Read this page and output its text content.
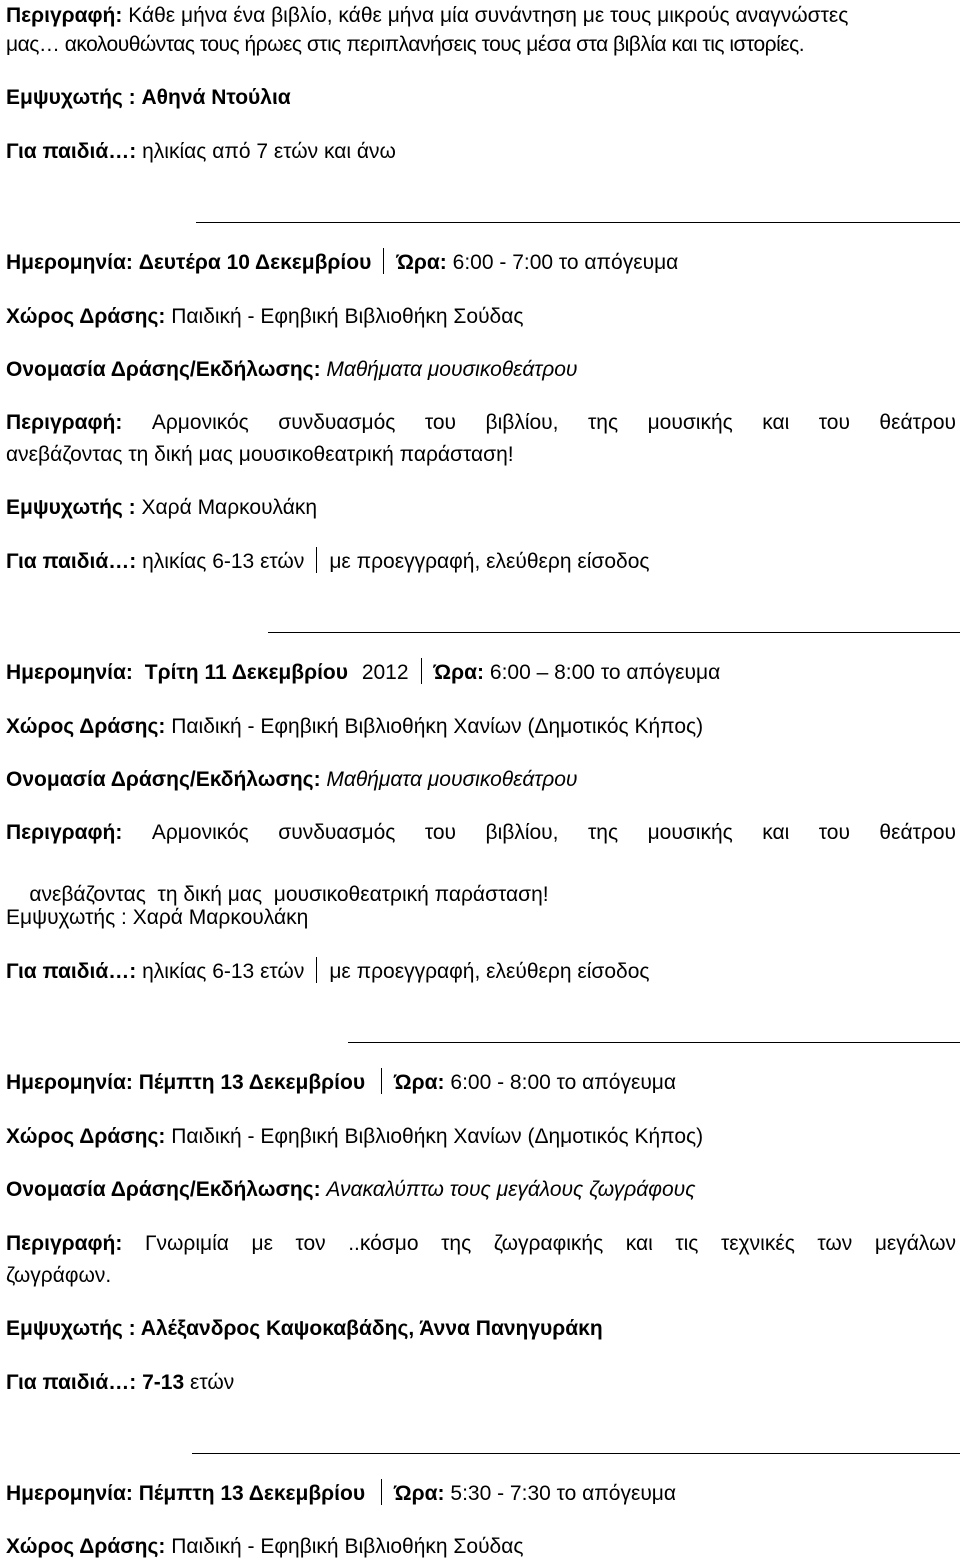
Περιγραφή: Κάθε μήνα ένα βιβλίο, κάθε μήνα μία συνάντηση με τους μικρούς αναγνώστες
μας… ακολουθώντας τους ήρωες στις περιπλανήσεις τους μέσα στα βιβλία και τις ιστορίες.
Εμψυχωτής : Αθηνά Ντούλια
Για παιδιά…: ηλικίας από 7 ετών και άνω
Ημερομηνία: Δευτέρα 10 Δεκεμβρίου Ώρα: 6:00 - 7:00 το απόγευμα
Χώρος Δράσης: Παιδική - Εφηβική Βιβλιοθήκη Σούδας
Ονομασία Δράσης/Εκδήλωσης: Μαθήματα μουσικοθεάτρου
Περιγραφή: Αρμονικός συνδυασμός του βιβλίου, της μουσικής και του θεάτρου
ανεβάζοντας τη δική μας μουσικοθεατρική παράσταση!
Εμψυχωτής : Χαρά Μαρκουλάκη
Για παιδιά…: ηλικίας 6-13 ετών με προεγγραφή, ελεύθερη είσοδος
Ημερομηνία: Τρίτη 11 Δεκεμβρίου 2012 Ώρα: 6:00 – 8:00 το απόγευμα
Χώρος Δράσης: Παιδική - Εφηβική Βιβλιοθήκη Χανίων (Δημοτικός Κήπος)
Ονομασία Δράσης/Εκδήλωσης: Μαθήματα μουσικοθεάτρου
Περιγραφή: Αρμονικός συνδυασμός του βιβλίου, της μουσικής και του θεάτρου

ανεβάζοντας  τη δική μας  μουσικοθεατρική παράσταση!

Εμψυχωτής : Χαρά Μαρκουλάκη
Για παιδιά…: ηλικίας 6-13 ετών με προεγγραφή, ελεύθερη είσοδος
Ημερομηνία: Πέμπτη 13 Δεκεμβρίου Ώρα: 6:00 - 8:00 το απόγευμα
Χώρος Δράσης: Παιδική - Εφηβική Βιβλιοθήκη Χανίων (Δημοτικός Κήπος)
Ονομασία Δράσης/Εκδήλωσης: Ανακαλύπτω τους μεγάλους ζωγράφους
Περιγραφή: Γνωριμία με τον ..κόσμο της ζωγραφικής και τις τεχνικές των μεγάλων
ζωγράφων.
Εμψυχωτής : Αλέξανδρος Καψοκαβάδης, Άννα Πανηγυράκη
Για παιδιά…: 7-13 ετών
Ημερομηνία: Πέμπτη 13 Δεκεμβρίου Ώρα: 5:30 - 7:30 το απόγευμα
Χώρος Δράσης: Παιδική - Εφηβική Βιβλιοθήκη Σούδας
